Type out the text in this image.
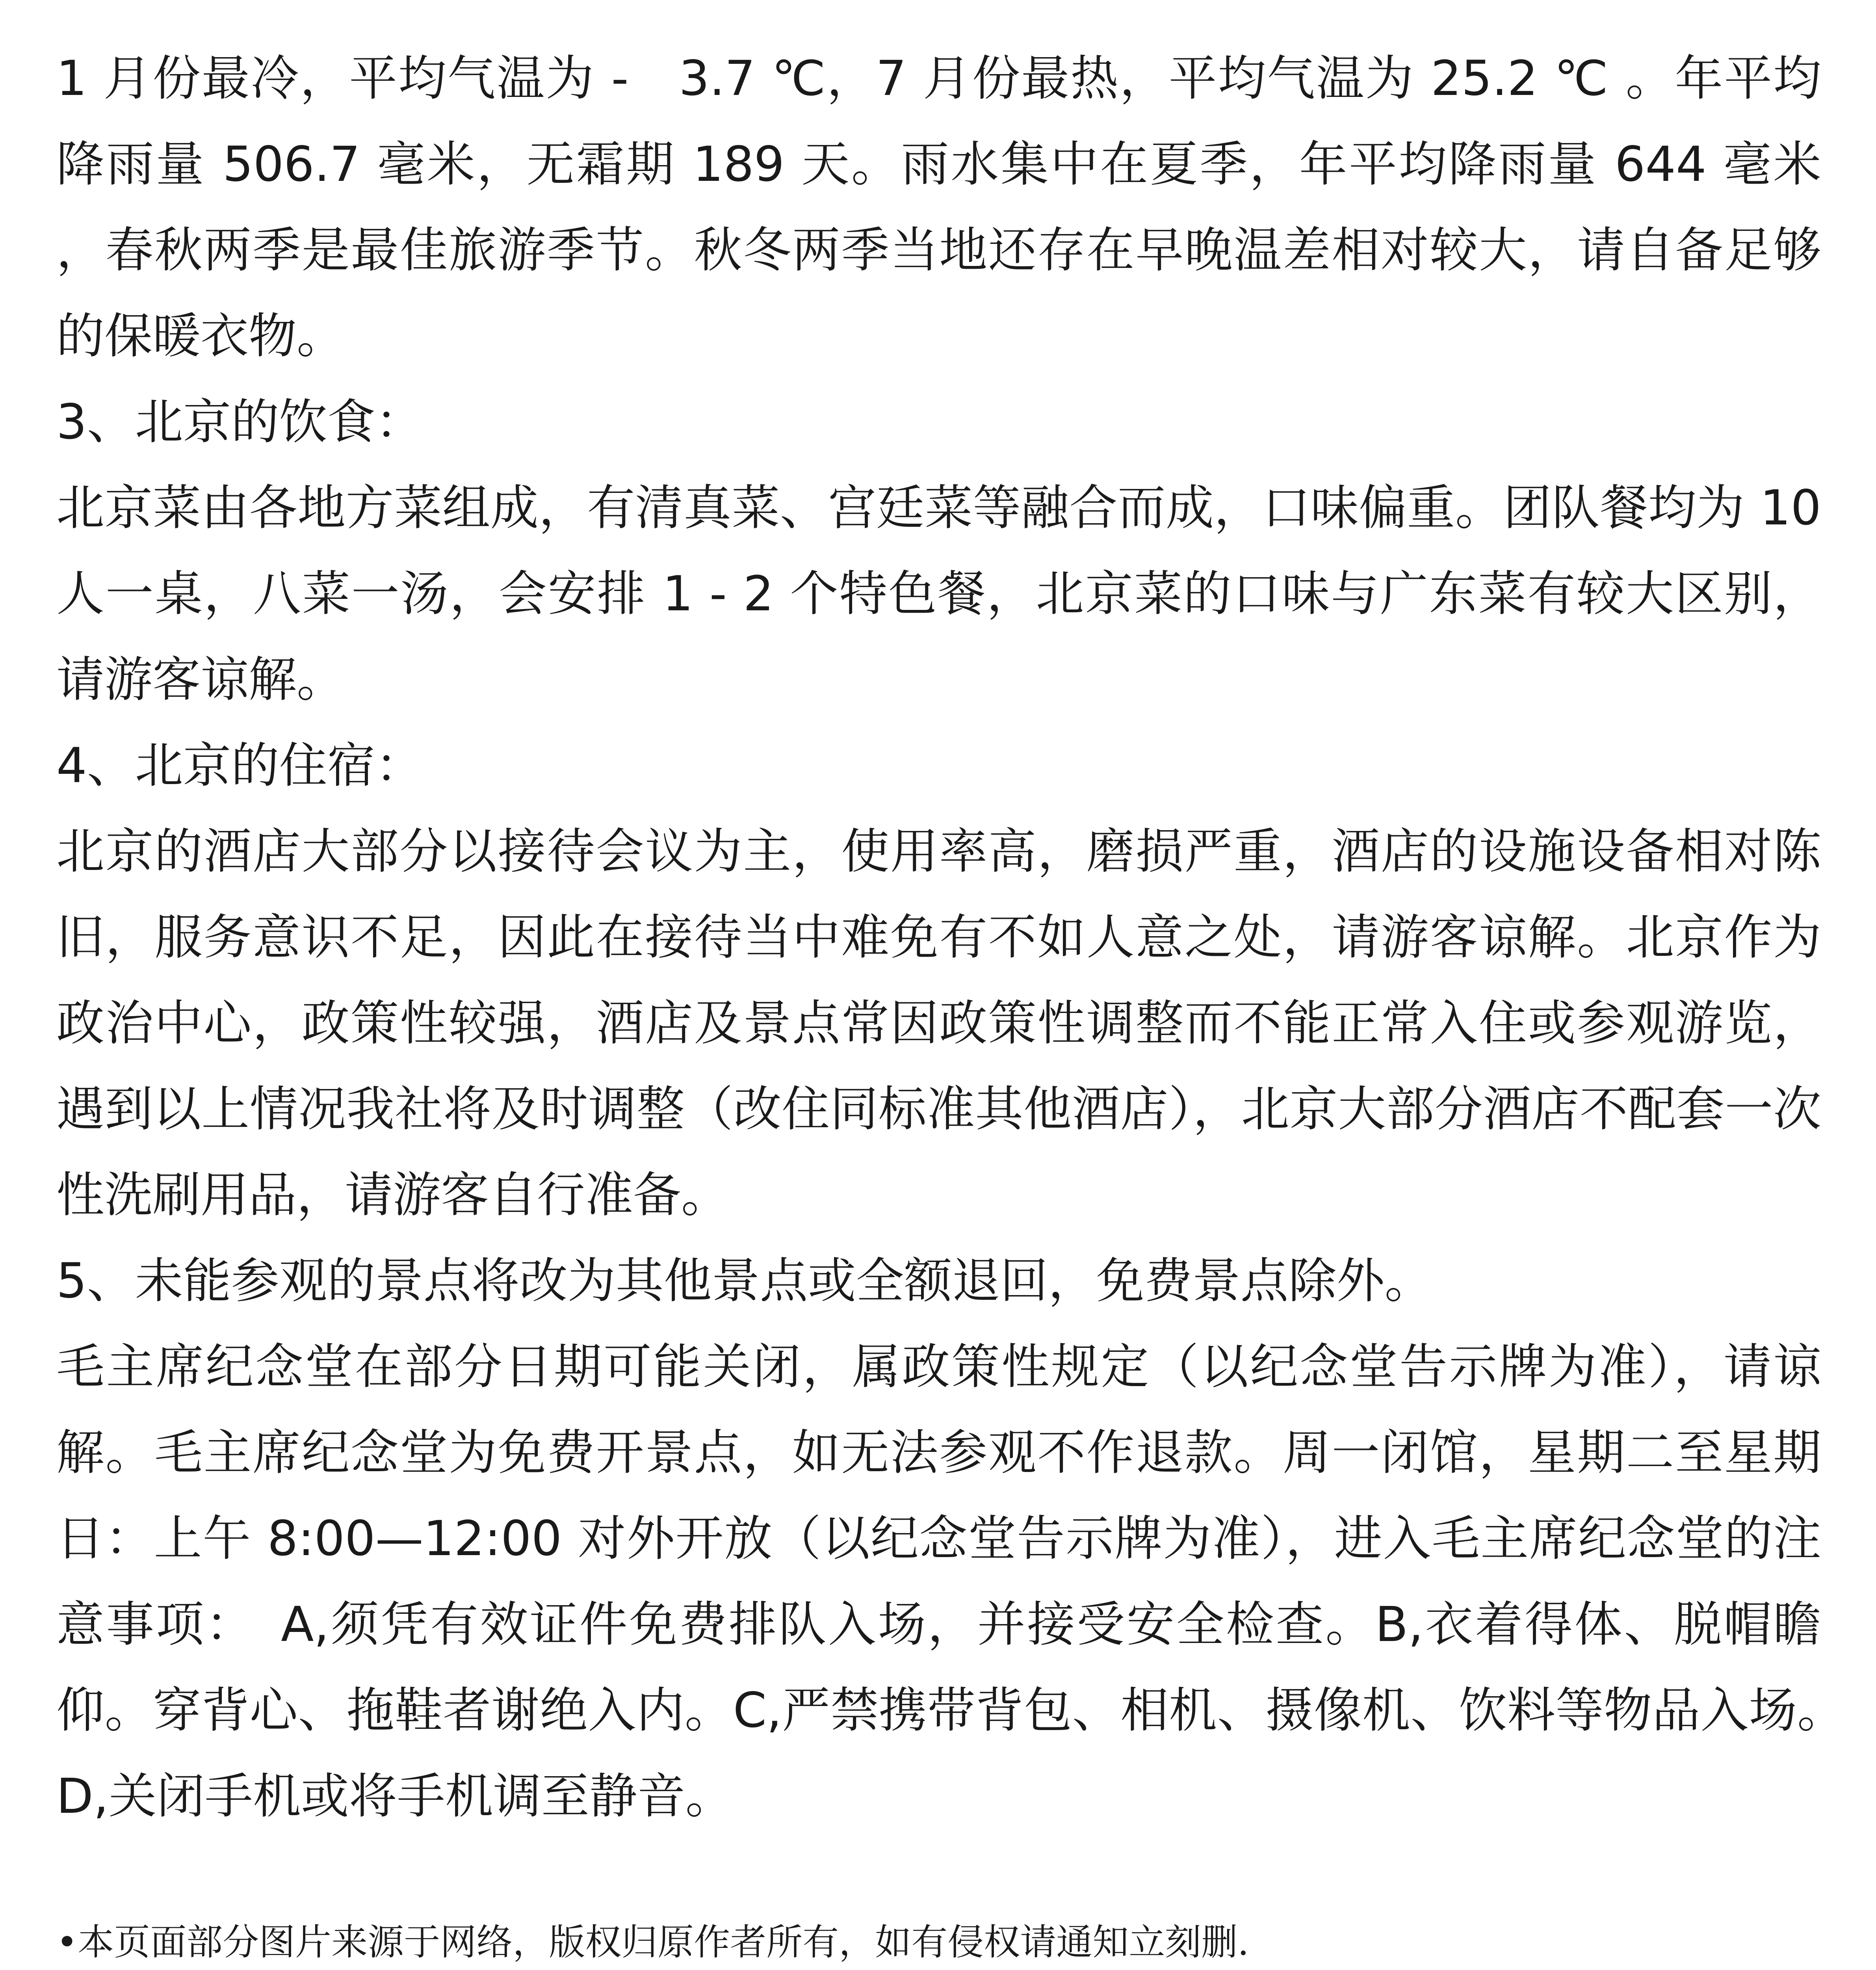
1 月份最冷，平均气温为 -　3.7 ℃，7 月份最热，平均气温为 25.2 ℃ 。年平均降雨量 506.7 毫米，无霜期 189 天。雨水集中在夏季，年平均降雨量 644 毫米 ，春秋两季是最佳旅游季节。秋冬两季当地还存在早晚温差相对较大，请自备足够的保暖衣物。

3、北京的饮食：

北京菜由各地方菜组成，有清真菜、宫廷菜等融合而成，口味偏重。团队餐均为 10 人一桌，八菜一汤，会安排 1 - 2 个特色餐，北京菜的口味与广东菜有较大区别，请游客谅解。

4、北京的住宿：

北京的酒店大部分以接待会议为主，使用率高，磨损严重，酒店的设施设备相对陈旧，服务意识不足，因此在接待当中难免有不如人意之处，请游客谅解。北京作为政治中心，政策性较强，酒店及景点常因政策性调整而不能正常入住或参观游览，遇到以上情况我社将及时调整（改住同标准其他酒店），北京大部分酒店不配套一次性洗刷用品，请游客自行准备。

5、未能参观的景点将改为其他景点或全额退回，免费景点除外。

毛主席纪念堂在部分日期可能关闭，属政策性规定（以纪念堂告示牌为准），请谅解。毛主席纪念堂为免费开景点，如无法参观不作退款。周一闭馆，星期二至星期日：上午 8:00—12:00 对外开放（以纪念堂告示牌为准），进入毛主席纪念堂的注意事项：　A,须凭有效证件免费排队入场，并接受安全检查。B,衣着得体、脱帽瞻仰。穿背心、拖鞋者谢绝入内。C,严禁携带背包、相机、摄像机、饮料等物品入场。　D,关闭手机或将手机调至静音。

•本页面部分图片来源于网络，版权归原作者所有，如有侵权请通知立刻删.
